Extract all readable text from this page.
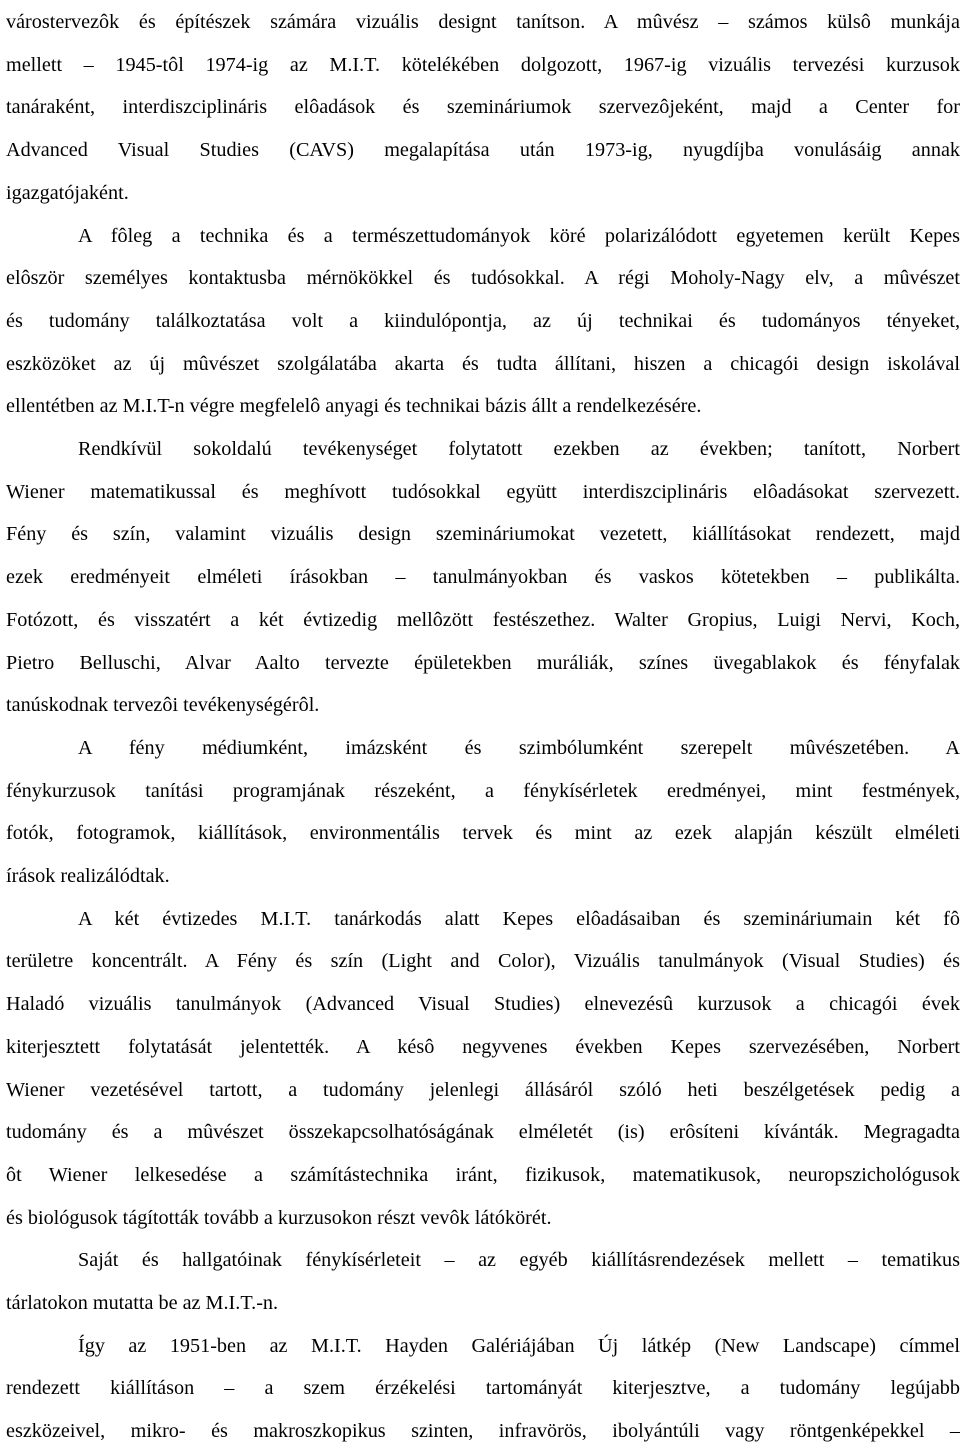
várostervezôk és építészek számára vizuális designt tanítson. A mûvész – számos külsô munkája
mellett – 1945-tôl 1974-ig az M.I.T. kötelékében dolgozott, 1967-ig vizuális tervezési kurzusok
tanáraként, interdiszciplináris elôadások és szemináriumok szervezôjeként, majd a Center for
Advanced Visual Studies (CAVS) megalapítása után 1973-ig, nyugdíjba vonulásáig annak
igazgatójaként.
A fôleg a technika és a természettudományok köré polarizálódott egyetemen került Kepes
elôször személyes kontaktusba mérnökökkel és tudósokkal. A régi Moholy-Nagy elv, a mûvészet
és tudomány találkoztatása volt a kiindulópontja, az új technikai és tudományos tényeket,
eszközöket az új mûvészet szolgálatába akarta és tudta állítani, hiszen a chicagói design iskolával
ellentétben az M.I.T-n végre megfelelô anyagi és technikai bázis állt a rendelkezésére.
Rendkívül sokoldalú tevékenységet folytatott ezekben az években; tanított, Norbert
Wiener matematikussal és meghívott tudósokkal együtt interdiszciplináris elôadásokat szervezett.
Fény és szín, valamint vizuális design szemináriumokat vezetett, kiállításokat rendezett, majd
ezek eredményeit elméleti írásokban – tanulmányokban és vaskos kötetekben – publikálta.
Fotózott, és visszatért a két évtizedig mellôzött festészethez. Walter Gropius, Luigi Nervi, Koch,
Pietro Belluschi, Alvar Aalto tervezte épületekben muráliák, színes üvegablakok és fényfalak
tanúskodnak tervezôi tevékenységérôl.
A fény médiumként, imázsként és szimbólumként szerepelt mûvészetében. A
fénykurzusok tanítási programjának részeként, a fénykísérletek eredményei, mint festmények,
fotók, fotogramok, kiállítások, environmentális tervek és mint az ezek alapján készült elméleti
írások realizálódtak.
A két évtizedes M.I.T. tanárkodás alatt Kepes elôadásaiban és szemináriumain két fô
területre koncentrált. A Fény és szín (Light and Color), Vizuális tanulmányok (Visual Studies) és
Haladó vizuális tanulmányok (Advanced Visual Studies) elnevezésû kurzusok a chicagói évek
kiterjesztett folytatását jelentették. A késô negyvenes években Kepes szervezésében, Norbert
Wiener vezetésével tartott, a tudomány jelenlegi állásáról szóló heti beszélgetések pedig a
tudomány és a mûvészet összekapcsolhatóságának elméletét (is) erôsíteni kívánták. Megragadta
ôt Wiener lelkesedése a számítástechnika iránt, fizikusok, matematikusok, neuropszichológusok
és biológusok tágították tovább a kurzusokon részt vevôk látókörét.
Saját és hallgatóinak fénykísérleteit – az egyéb kiállításrendezések mellett – tematikus
tárlatokon mutatta be az M.I.T.-n.
Így az 1951-ben az M.I.T. Hayden Galériájában Új látkép (New Landscape) címmel
rendezett kiállításon – a szem érzékelési tartományát kiterjesztve, a tudomány legújabb
eszközeivel, mikro- és makroszkopikus szinten, infravörös, ibolyántúli vagy röntgenképekkel –
